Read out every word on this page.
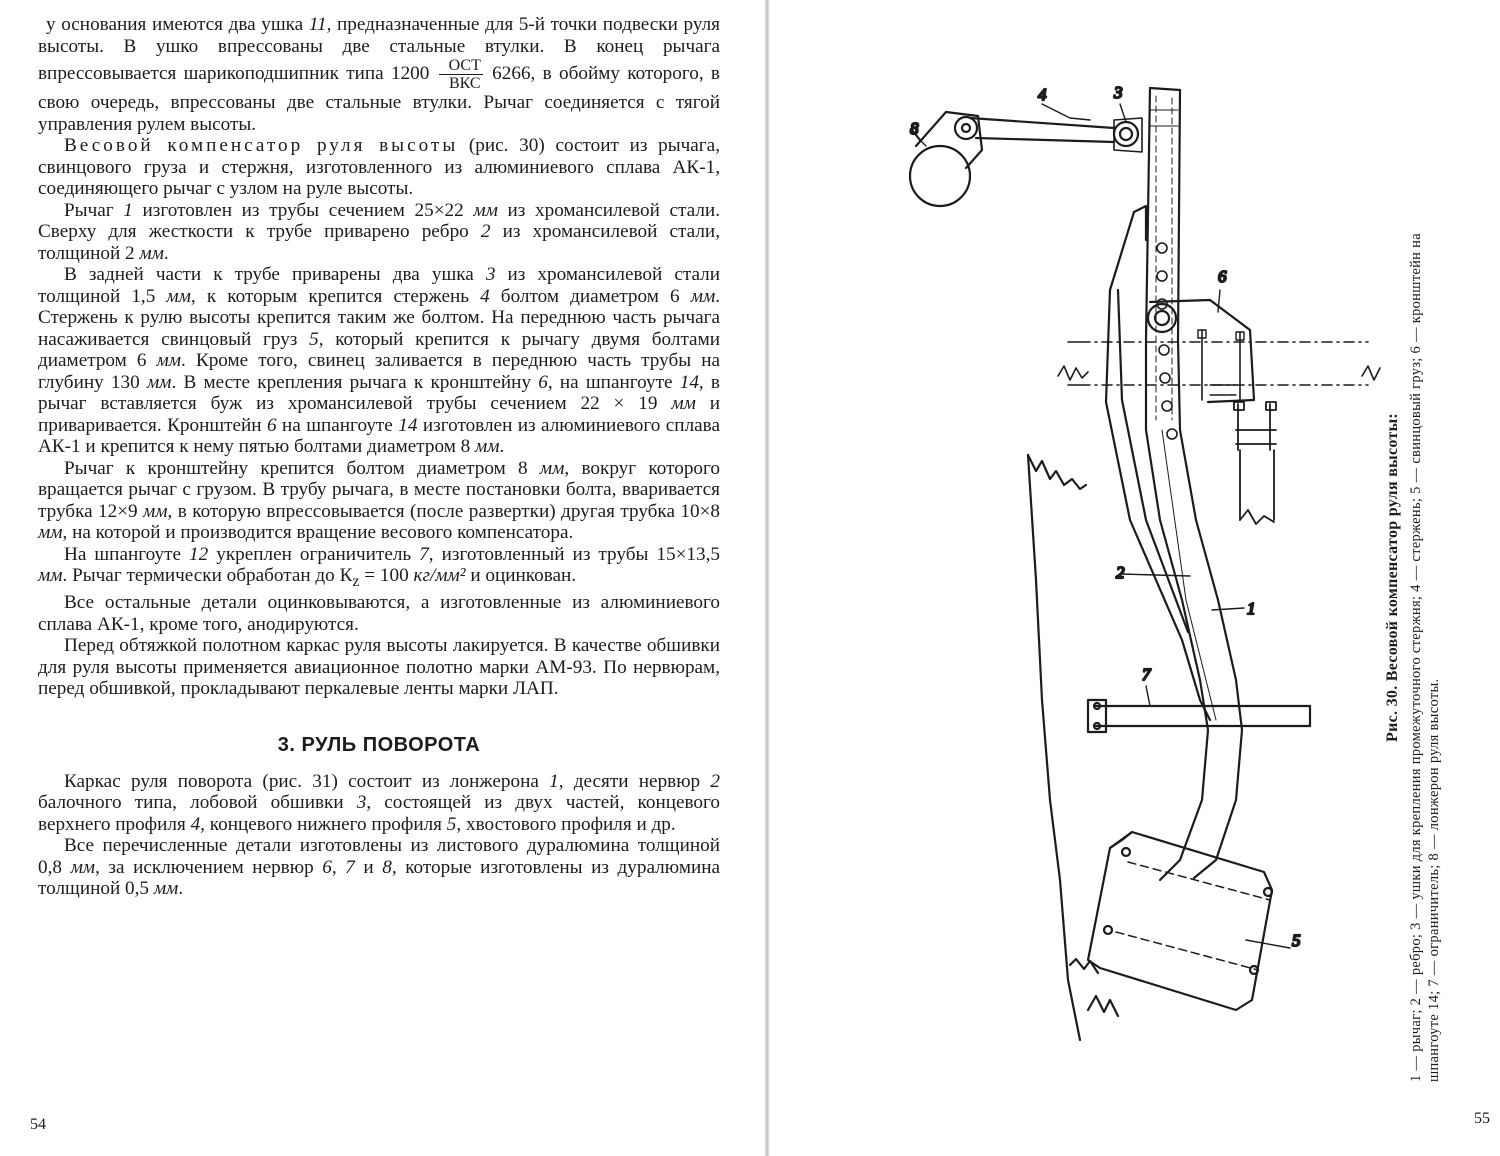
у основания имеются два ушка 11, предназначенные для 5-й точки подвески руля высоты. В ушко впрессованы две стальные втулки. В конец рычага впрессовывается шарикоподшипник типа $1200 \frac{\text{ОСТ}}{\text{ВКС}} 6266$, в обойму которого, в свою очередь, впрессованы две стальные втулки. Рычаг соединяется с тягой управления рулем высоты.

Весовой компенсатор руля высоты (рис. 30) состоит из рычага, свинцового груза и стержня, изготовленного из алюминиевого сплава АК-1, соединяющего рычаг с узлом на руле высоты.

Рычаг 1 изготовлен из трубы сечением 25×22 мм из хромансилевой стали. Сверху для жесткости к трубе приварено ребро 2 из хромансилевой стали, толщиной 2 мм.

В задней части к трубе приварены два ушка 3 из хромансилевой стали толщиной 1,5 мм, к которым крепится стержень 4 болтом диаметром 6 мм. Стержень к рулю высоты крепится таким же болтом. На переднюю часть рычага насаживается свинцовый груз 5, который крепится к рычагу двумя болтами диаметром 6 мм. Кроме того, свинец заливается в переднюю часть трубы на глубину 130 мм. В месте крепления рычага к кронштейну 6, на шпангоуте 14, в рычаг вставляется буж из хромансилевой трубы сечением 22 × 19 мм и привариваетcя. Кронштейн 6 на шпангоуте 14 изготовлен из алюминиевого сплава АК-1 и крепится к нему пятью болтами диаметром 8 мм.

Рычаг к кронштейну крепится болтом диаметром 8 мм, вокруг которого вращается рычаг с грузом. В трубу рычага, в месте постановки болта, вваривается трубка 12×9 мм, в которую впрессовывается (после развертки) другая трубка 10×8 мм, на которой и производится вращение весового компенсатора.

На шпангоуте 12 укреплен ограничитель 7, изготовленный из трубы 15×13,5 мм. Рычаг термически обработан до $К_z = 100$ кг/мм² и оцинкован.

Все остальные детали оцинковываются, а изготовленные из алюминиевого сплава АК-1, кроме того, анодируются.

Перед обтяжкой полотном каркас руля высоты лакируется. В качестве обшивки для руля высоты применяется авиационное полотно марки АМ-93. По нервюрам, перед обшивкой, прокладывают перкалевые ленты марки ЛАП.

3. РУЛЬ ПОВОРОТА

Каркас руля поворота (рис. 31) состоит из лонжерона 1, десяти нервюр 2 балочного типа, лобовой обшивки 3, состоящей из двух частей, концевого верхнего профиля 4, концевого нижнего профиля 5, хвостового профиля и др.

Все перечисленные детали изготовлены из листового дуралюмина толщиной 0,8 мм, за исключением нервюр 6, 7 и 8, которые изготовлены из дуралюмина толщиной 0,5 мм.

54
1
2
3
4
5
6
7
8
Рис. 30. Весовой компенсатор руля высоты: 1 — рычаг; 2 — ребро; 3 — ушки для крепления промежуточного стержня; 4 — стержень; 5 — свинцовый груз; 6 — кронштейн на шпангоуте 14; 7 — ограничитель; 8 — лонжерон руля высоты.
55
